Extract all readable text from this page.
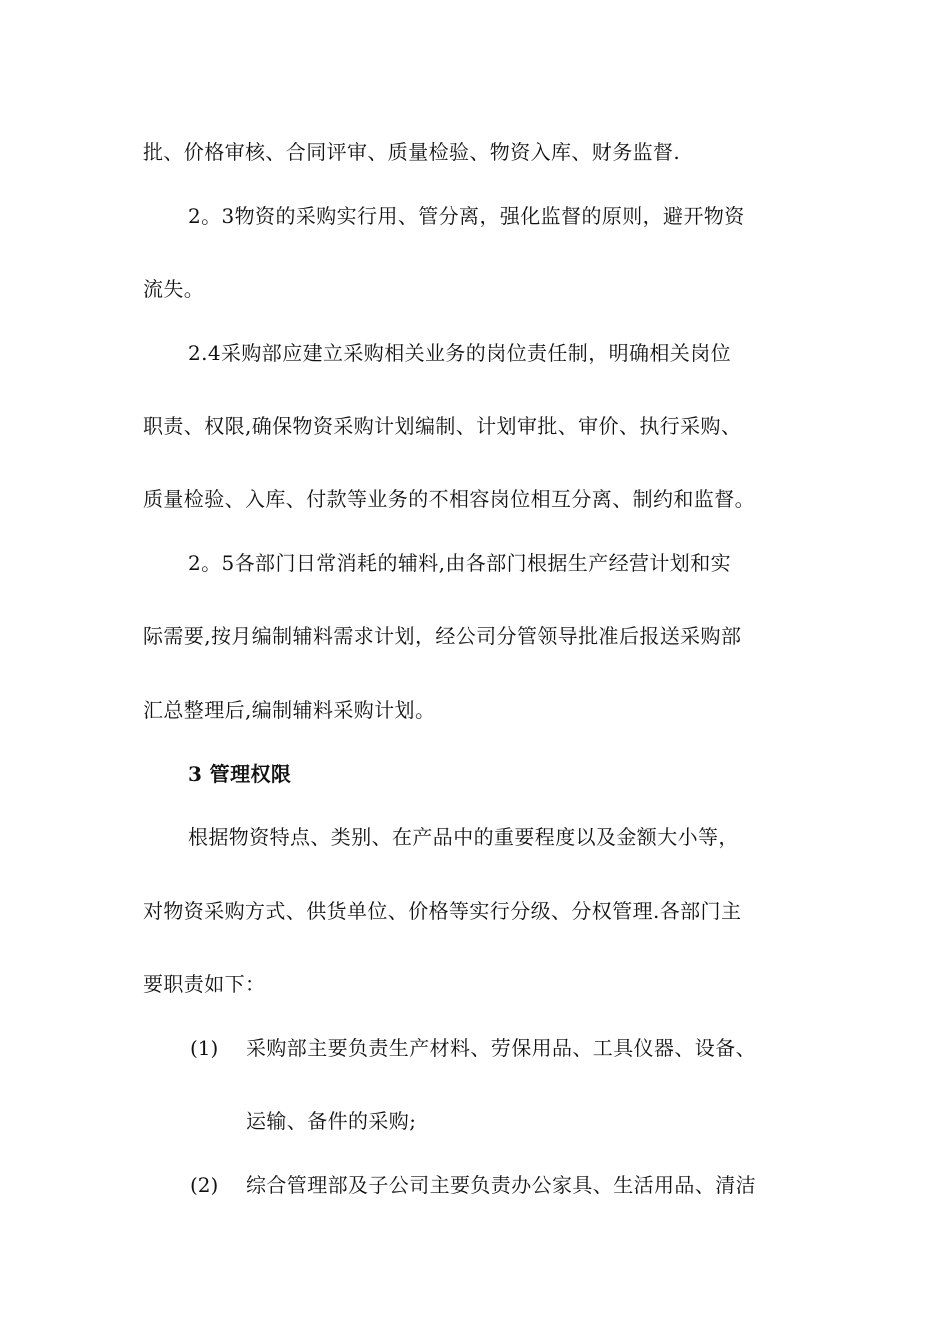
批、价格审核、合同评审、质量检验、物资入库、财务监督.
2。3物资的采购实行用、管分离，强化监督的原则，避开物资
流失。
2.4采购部应建立采购相关业务的岗位责任制，明确相关岗位
职责、权限,确保物资采购计划编制、计划审批、审价、执行采购、
质量检验、入库、付款等业务的不相容岗位相互分离、制约和监督。
2。5各部门日常消耗的辅料,由各部门根据生产经营计划和实
际需要,按月编制辅料需求计划，经公司分管领导批准后报送采购部
汇总整理后,编制辅料采购计划。
3 管理权限
根据物资特点、类别、在产品中的重要程度以及金额大小等，
对物资采购方式、供货单位、价格等实行分级、分权管理.各部门主
要职责如下：
(1) 采购部主要负责生产材料、劳保用品、工具仪器、设备、
运输、备件的采购;
(2) 综合管理部及子公司主要负责办公家具、生活用品、清洁
